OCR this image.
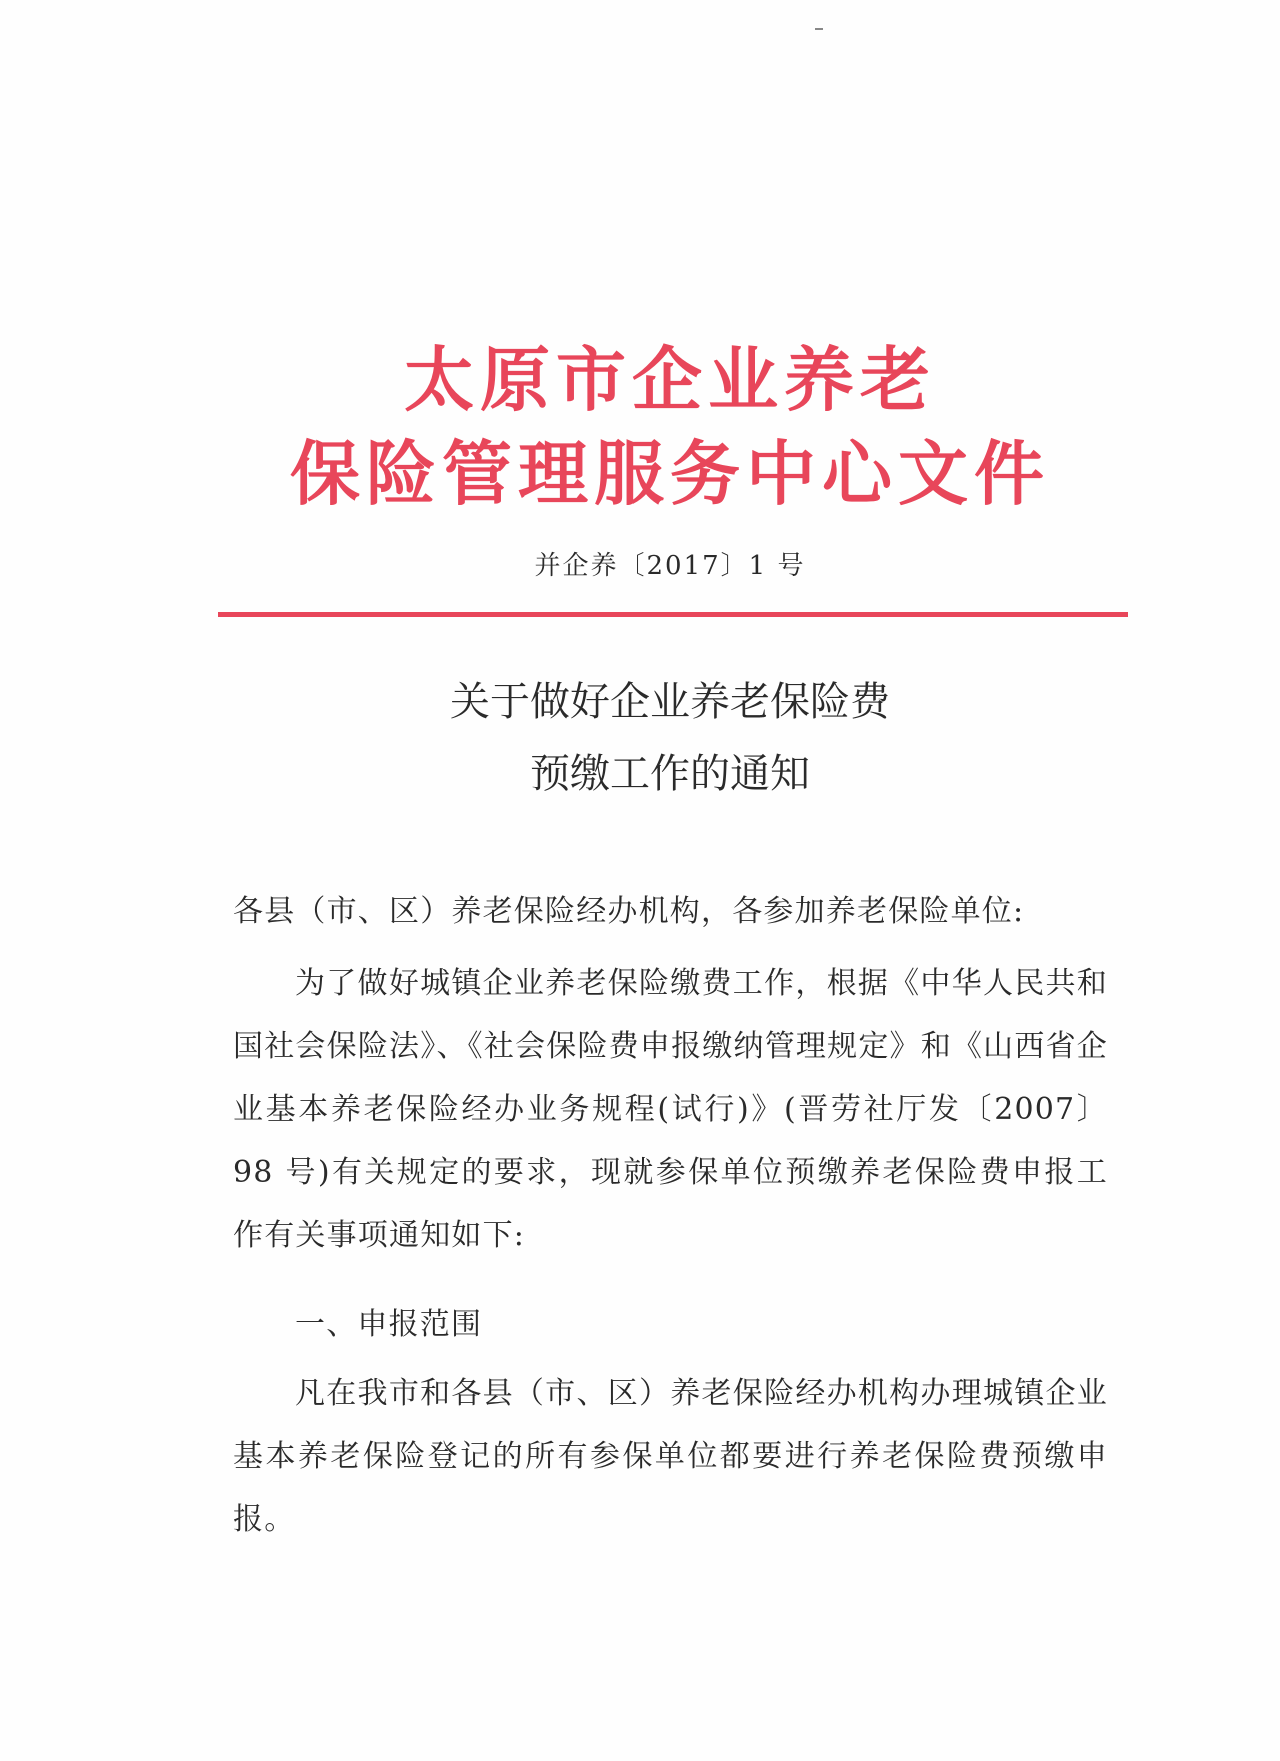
太原市企业养老
保险管理服务中心文件
并企养〔2017〕1 号
关于做好企业养老保险费
预缴工作的通知
各县（市、区）养老保险经办机构，各参加养老保险单位:
为了做好城镇企业养老保险缴费工作，根据《中华人民共和国社会保险法》、《社会保险费申报缴纳管理规定》和《山西省企业基本养老保险经办业务规程(试行)》(晋劳社厅发〔2007〕98 号)有关规定的要求，现就参保单位预缴养老保险费申报工作有关事项通知如下:
一、申报范围
凡在我市和各县（市、区）养老保险经办机构办理城镇企业基本养老保险登记的所有参保单位都要进行养老保险费预缴申报。
